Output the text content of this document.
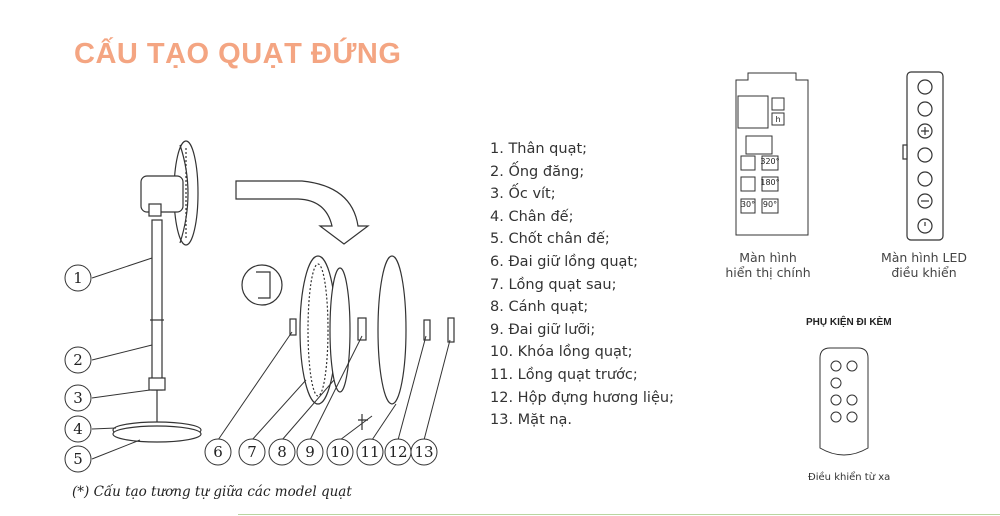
CẤU TẠO QUẠT ĐỨNG
1
2
3
4
5	6 7 8 9 10 11 12 13
h
320°
180°
30° 90°
1. Thân quạt;
2. Ống đăng;
3. Ốc vít;
4. Chân đế;
5. Chốt chân đế;
6. Đai giữ lồng quạt;
7. Lồng quạt sau;
8. Cánh quạt;
9. Đai giữ lưỡi;
10. Khóa lồng quạt;
11. Lồng quạt trước;
12. Hộp đựng hương liệu;
13. Mặt nạ.
Màn hình
hiển thị chính
Màn hình LED
điều khiển
PHỤ KIỆN ĐI KÈM
Điều khiển từ xa
(*) Cấu tạo tương tự giữa các model quạt
